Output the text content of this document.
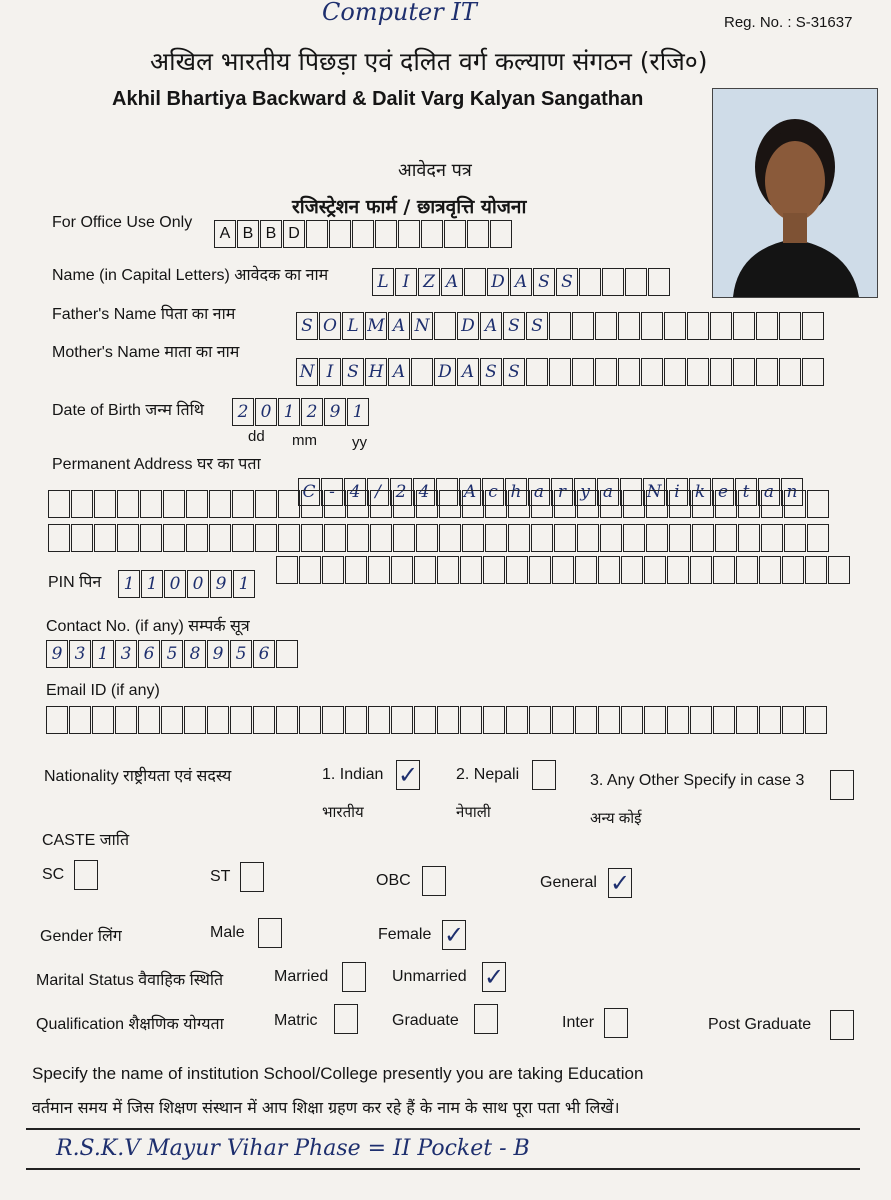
Computer IT	Reg. No. : S-31637
अखिल भारतीय पिछड़ा एवं दलित वर्ग कल्याण संगठन (रजि०)
Akhil Bhartiya Backward & Dalit Varg Kalyan Sangathan
आवेदन पत्र
रजिस्ट्रेशन फार्म / छात्रवृत्ति योजना
For Office Use Only
A B B D
Name (in Capital Letters) आवेदक का नाम	L I Z A D A S S
Father's Name पिता का नाम
S O L M A N D A S S
Mother's Name माता का नाम
N I S H A D A S S
Date of Birth जन्म तिथि	2 0 1 2 9 1
dd mm yy
Permanent Address घर का पता
C - 4 / 2 4	A c h a r y a	N i k e t a n
PIN पिन	1 1 0 0 9 1
Contact No. (if any) सम्पर्क सूत्र
9 3 1 3 6 5 8 9 5 6
Email ID (if any)
Nationality राष्ट्रीयता एवं सदस्य	1. Indian ✓
भारतीय
2. Nepali
नेपाली
3. Any Other Specify in case 3
अन्य कोई
CASTE जाति
SC	ST	OBC	General ✓
Gender लिंग	Male	Female ✓
Marital Status वैवाहिक स्थिति	Married	Unmarried ✓
Qualification शैक्षणिक योग्यता	Matric	Graduate	Inter	Post Graduate
Specify the name of institution School/College presently you are taking Education
वर्तमान समय में जिस शिक्षण संस्थान में आप शिक्षा ग्रहण कर रहे हैं के नाम के साथ पूरा पता भी लिखें।
R.S.K.V Mayur Vihar Phase = II Pocket - B
